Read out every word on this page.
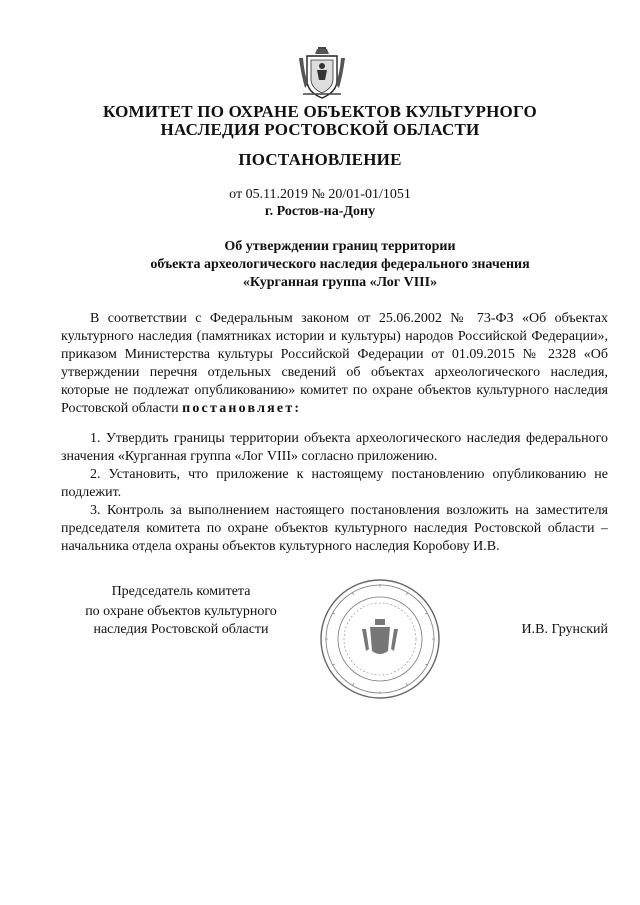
КОМИТЕТ ПО ОХРАНЕ ОБЪЕКТОВ КУЛЬТУРНОГО
НАСЛЕДИЯ РОСТОВСКОЙ ОБЛАСТИ
ПОСТАНОВЛЕНИЕ
от 05.11.2019 № 20/01-01/1051
г. Ростов-на-Дону
Об утверждении границ территории
объекта археологического наследия федерального значения
«Курганная группа «Лог VIII»
В соответствии с Федеральным законом от 25.06.2002 № 73-ФЗ «Об объектах культурного наследия (памятниках истории и культуры) народов Российской Федерации», приказом Министерства культуры Российской Федерации от 01.09.2015 № 2328 «Об утверждении перечня отдельных сведений об объектах археологического наследия, которые не подлежат опубликованию» комитет по охране объектов культурного наследия Ростовской области постановляет:
1. Утвердить границы территории объекта археологического наследия федерального значения «Курганная группа «Лог VIII» согласно приложению.
2. Установить, что приложение к настоящему постановлению опубликованию не подлежит.
3. Контроль за выполнением настоящего постановления возложить на заместителя председателя комитета по охране объектов культурного наследия Ростовской области – начальника отдела охраны объектов культурного наследия Коробову И.В.
Председатель комитета
по охране объектов культурного
наследия Ростовской области	И.В. Грунский
